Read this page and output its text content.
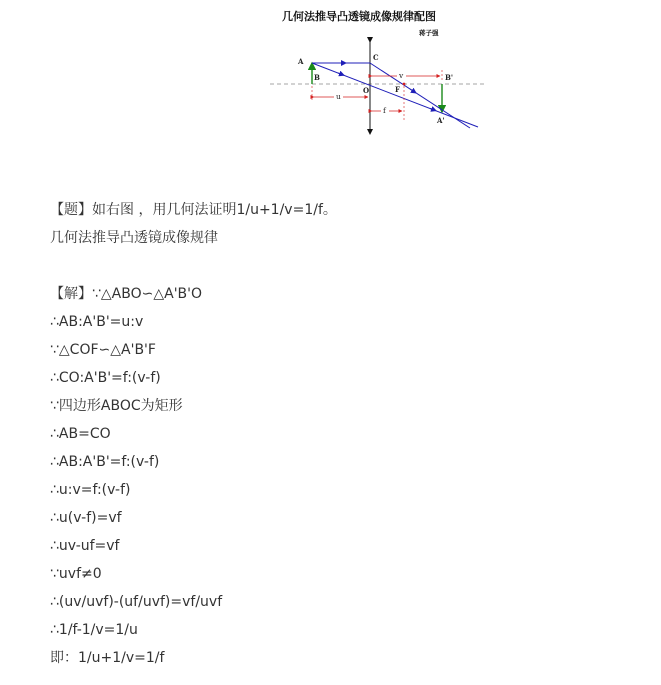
几何法推导凸透镜成像规律配图
蒋子强
u
v
f
A
B
C
O	F
B'
A'
【题】如右图 ，用几何法证明1/u+1/v=1/f。
几何法推导凸透镜成像规律
【解】∵△ABO∽△A'B'O
∴AB:A'B'=u:v
∵△COF∽△A'B'F
∴CO:A'B'=f:(v-f)
∵四边形ABOC为矩形
∴AB=CO
∴AB:A'B'=f:(v-f)
∴u:v=f:(v-f)
∴u(v-f)=vf
∴uv-uf=vf
∵uvf≠0
∴(uv/uvf)-(uf/uvf)=vf/uvf
∴1/f-1/v=1/u
即：1/u+1/v=1/f
